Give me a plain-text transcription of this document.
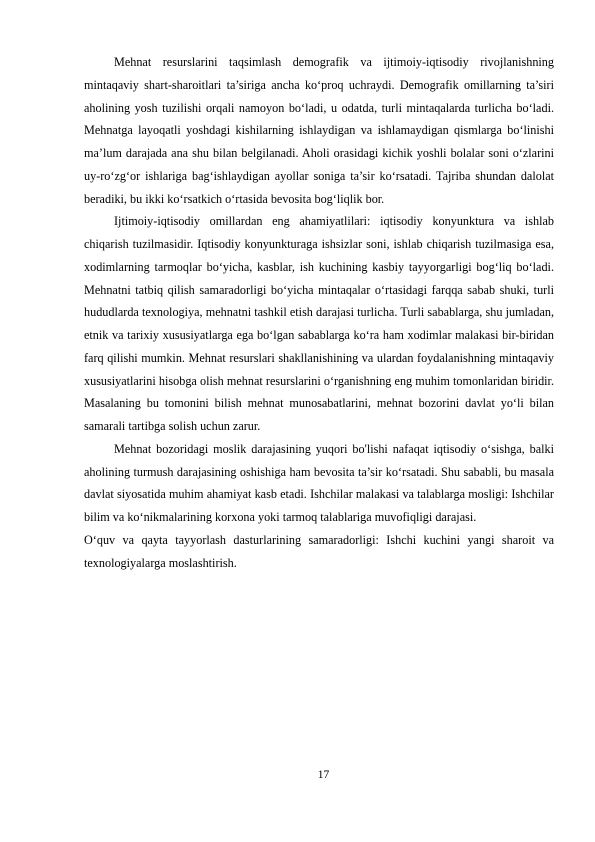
Mehnat resurslarini taqsimlash demografik va ijtimoiy-iqtisodiy rivojlanishning mintaqaviy shart-sharoitlari ta’siriga ancha ko‘proq uchraydi. Demografik omillarning ta’siri aholining yosh tuzilishi orqali namoyon bo‘ladi, u odatda, turli mintaqalarda turlicha bo‘ladi. Mehnatga layoqatli yoshdagi kishilarning ishlaydigan va ishlamaydigan qismlarga bo‘linishi ma’lum darajada ana shu bilan belgilanadi. Aholi orasidagi kichik yoshli bolalar soni o‘zlarini uy-ro‘zg‘or ishlariga bag‘ishlaydigan ayollar soniga ta’sir ko‘rsatadi. Tajriba shundan dalolat beradiki, bu ikki ko‘rsatkich o‘rtasida bevosita bog‘liqlik bor.

Ijtimoiy-iqtisodiy omillardan eng ahamiyatlilari: iqtisodiy konyunktura va ishlab chiqarish tuzilmasidir. Iqtisodiy konyunkturaga ishsizlar soni, ishlab chiqarish tuzilmasiga esa, xodimlarning tarmoqlar bo‘yicha, kasblar, ish kuchining kasbiy tayyorgarligi bog‘liq bo‘ladi. Mehnatni tatbiq qilish samaradorligi bo‘yicha mintaqalar o‘rtasidagi farqqa sabab shuki, turli hududlarda texnologiya, mehnatni tashkil etish darajasi turlicha. Turli sabablarga, shu jumladan, etnik va tarixiy xususiyatlarga ega bo‘lgan sabablarga ko‘ra ham xodimlar malakasi bir-biridan farq qilishi mumkin. Mehnat resurslari shakllanishining va ulardan foydalanishning mintaqaviy xususiyatlarini hisobga olish mehnat resurslarini o‘rganishning eng muhim tomonlaridan biridir. Masalaning bu tomonini bilish mehnat munosabatlarini, mehnat bozorini davlat yo‘li bilan samarali tartibga solish uchun zarur.

Mehnat bozoridagi moslik darajasining yuqori bo'lishi nafaqat iqtisodiy o‘sishga, balki aholining turmush darajasining oshishiga ham bevosita ta’sir ko‘rsatadi. Shu sababli, bu masala davlat siyosatida muhim ahamiyat kasb etadi. Ishchilar malakasi va talablarga mosligi: Ishchilar bilim va ko‘nikmalarining korxona yoki tarmoq talablariga muvofiqligi darajasi.

O‘quv va qayta tayyorlash dasturlarining samaradorligi: Ishchi kuchini yangi sharoit va texnologiyalarga moslashtirish.

17
